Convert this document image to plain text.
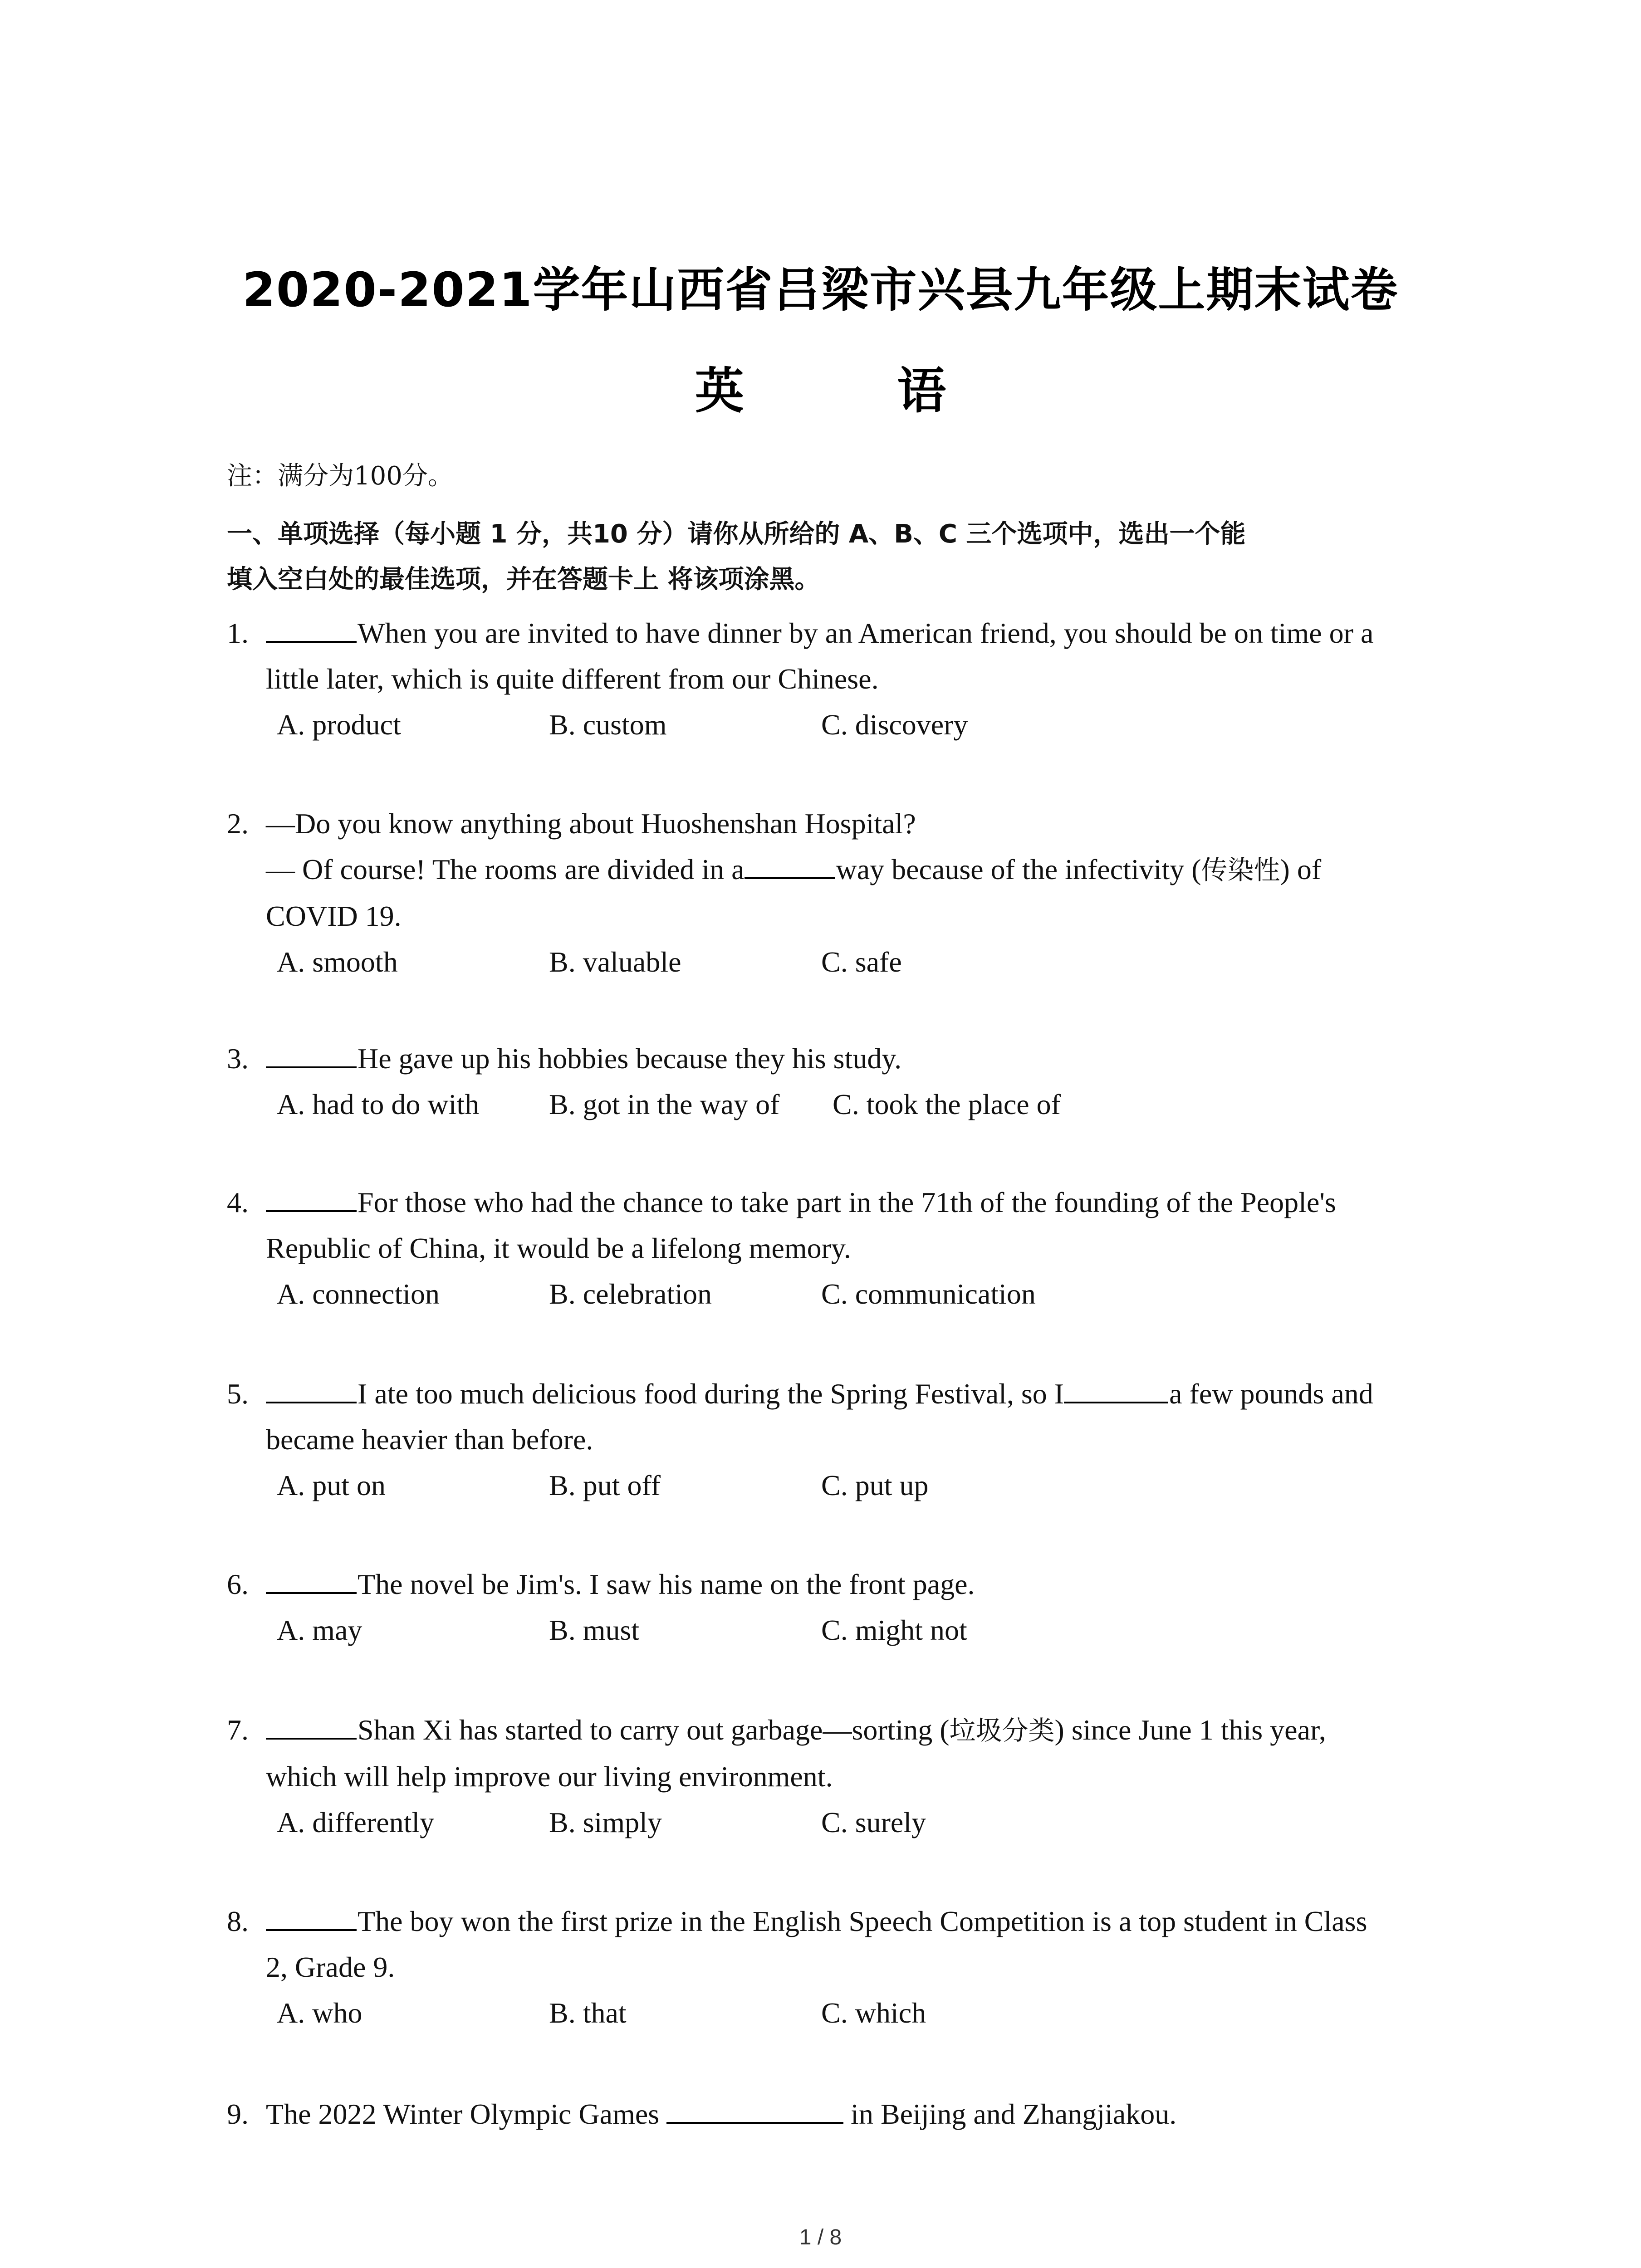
2020-2021学年山西省吕梁市兴县九年级上期末试卷
英 语
注：满分为100分。
一、单项选择（每小题 1 分，共10 分）请你从所给的 A、B、C 三个选项中，选出一个能
填入空白处的最佳选项，并在答题卡上 将该项涂黑。
1.	When you are invited to have dinner by an American friend, you should be on time or a
little later, which is quite different from our Chinese.
A. product	B. custom	C. discovery
2. —Do you know anything about Huoshenshan Hospital?
— Of course! The rooms are divided in a	way because of the infectivity (传染性) of
COVID 19.
A. smooth	B. valuable	C. safe
3.	He gave up his hobbies because they his study.
A. had to do with B. got in the way of C. took the place of
4.	For those who had the chance to take part in the 71th of the founding of the People's
Republic of China, it would be a lifelong memory.
A. connection	B. celebration	C. communication
5.	I ate too much delicious food during the Spring Festival, so I	a few pounds and
became heavier than before.
A. put on	B. put off	C. put up
6.	The novel be Jim's. I saw his name on the front page.
A. may	B. must	C. might not
7.	Shan Xi has started to carry out garbage—sorting (垃圾分类) since June 1 this year,
which will help improve our living environment.
A. differently	B. simply	C. surely
8.	The boy won the first prize in the English Speech Competition is a top student in Class
2, Grade 9.
A. who	B. that	C. which
9. The 2022 Winter Olympic Games	in Beijing and Zhangjiakou.
1 / 8
